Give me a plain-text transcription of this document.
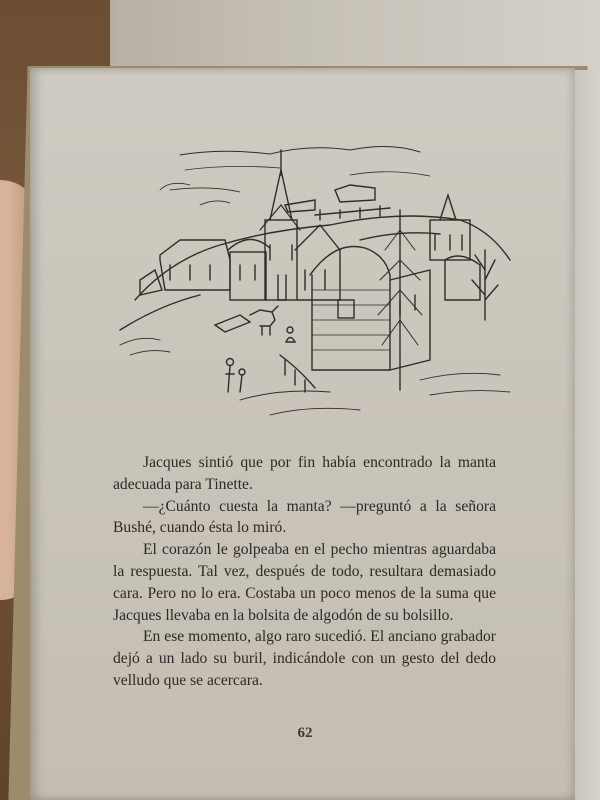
Jacques sintió que por fin había encontrado la manta adecuada para Tinette.

—¿Cuánto cuesta la manta? —preguntó a la señora Bushé, cuando ésta lo miró.

El corazón le golpeaba en el pecho mientras aguardaba la respuesta. Tal vez, después de todo, resultara demasiado cara. Pero no lo era. Costaba un poco menos de la suma que Jacques llevaba en la bolsita de algodón de su bolsillo.

En ese momento, algo raro sucedió. El anciano grabador dejó a un lado su buril, indicándole con un gesto del dedo velludo que se acercara.

62
